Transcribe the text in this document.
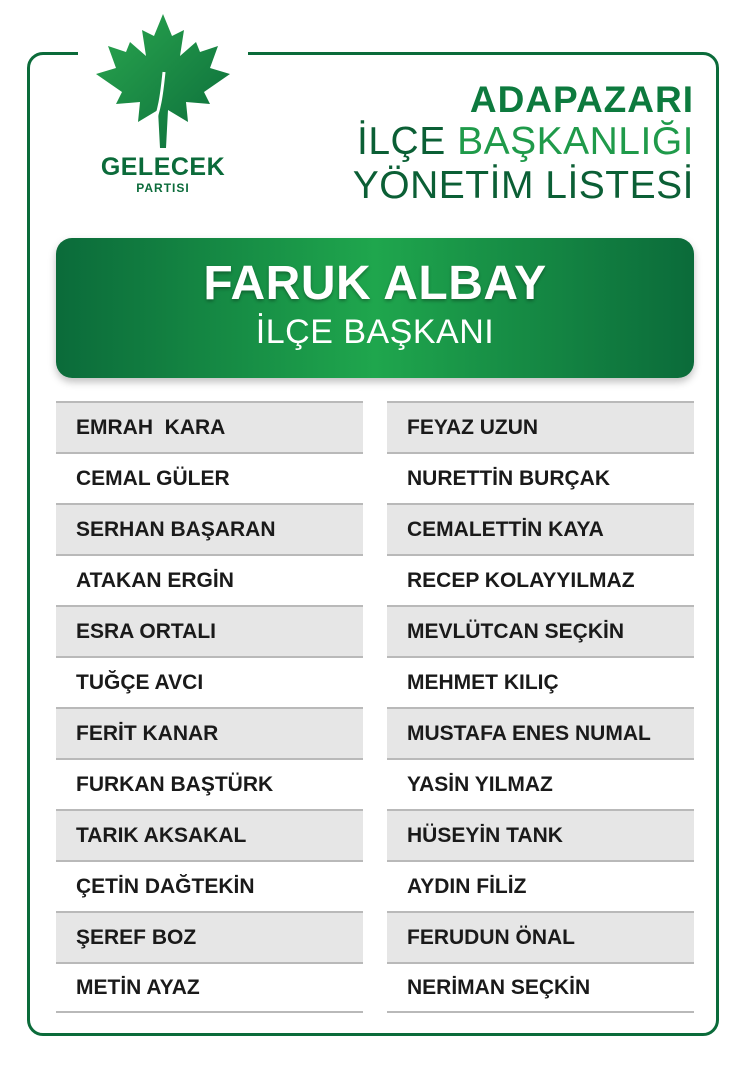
GELECEK
PARTISI
ADAPAZARI
İLÇE BAŞKANLIĞI
YÖNETİM LİSTESİ
FARUK ALBAY
İLÇE BAŞKANI
EMRAH  KARA
CEMAL GÜLER
SERHAN BAŞARAN
ATAKAN ERGİN
ESRA ORTALI
TUĞÇE AVCI
FERİT KANAR
FURKAN BAŞTÜRK
TARIK AKSAKAL
ÇETİN DAĞTEKİN
ŞEREF BOZ
METİN AYAZ
FEYAZ UZUN
NURETTİN BURÇAK
CEMALETTİN KAYA
RECEP KOLAYYILMAZ
MEVLÜTCAN SEÇKİN
MEHMET KILIÇ
MUSTAFA ENES NUMAL
YASİN YILMAZ
HÜSEYİN TANK
AYDIN FİLİZ
FERUDUN ÖNAL
NERİMAN SEÇKİN
